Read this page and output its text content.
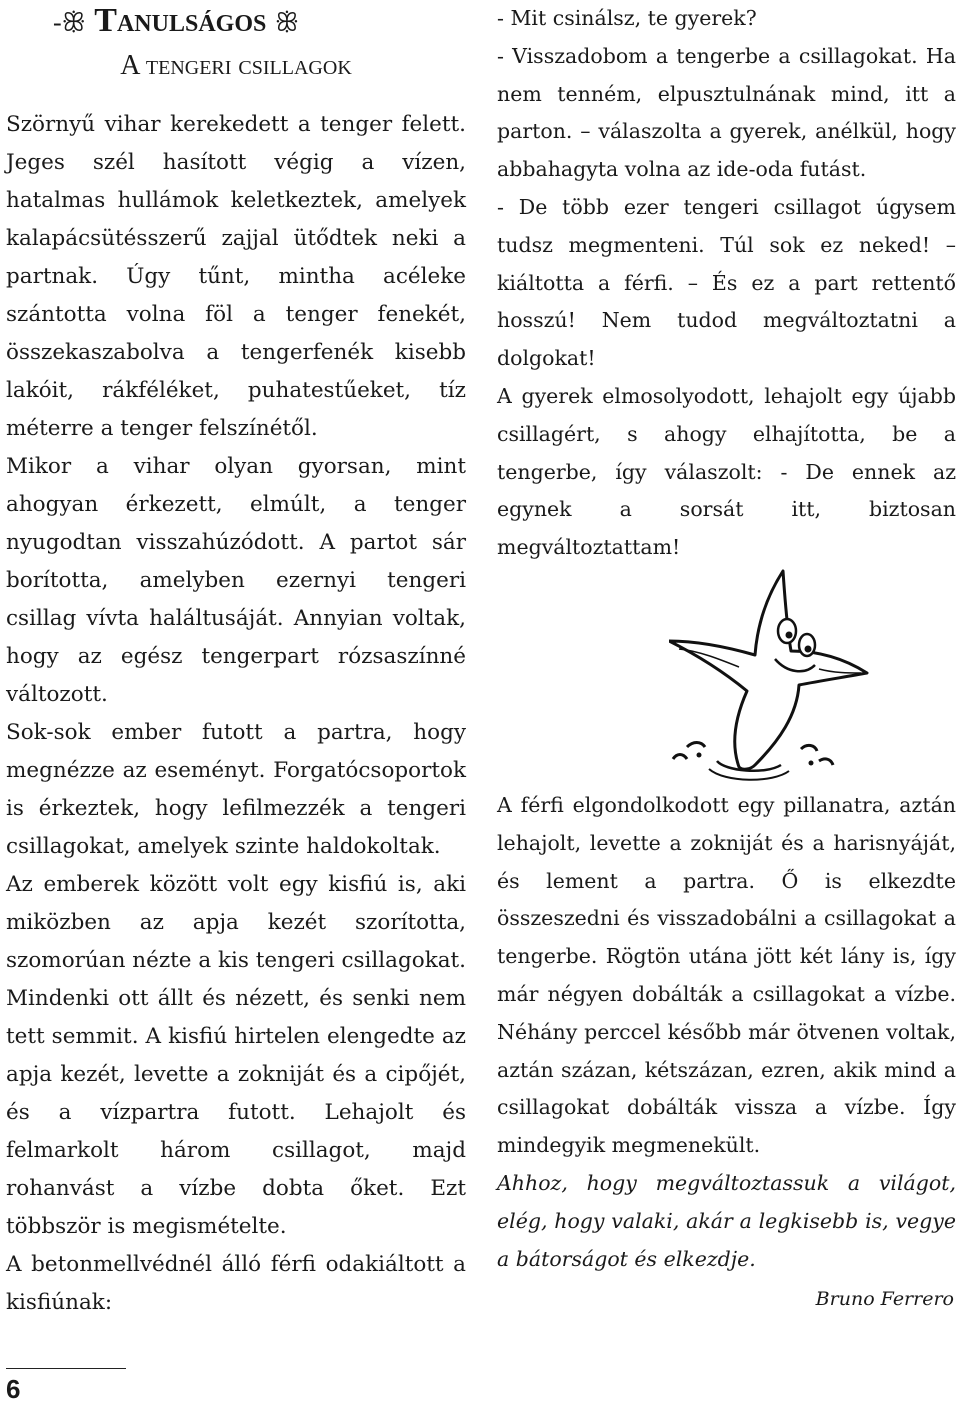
-ꕥ Tanulságos ꕥ
A tengeri csillagok

Szörnyű vihar kerekedett a tenger felett. Jeges szél hasított végig a vízen, hatalmas hullámok keletkeztek, amelyek kalapácsütésszerű zajjal ütődtek neki a partnak. Úgy tűnt, mintha acéleke szántotta volna föl a tenger fenekét, összekaszabolva a tengerfenék kisebb lakóit, rákféléket, puhatestűeket, tíz méterre a tenger felszínétől.

Mikor a vihar olyan gyorsan, mint ahogyan érkezett, elmúlt, a tenger nyugodtan visszahúzódott. A partot sár borította, amelyben ezernyi tengeri csillag vívta haláltusáját. Annyian voltak, hogy az egész tengerpart rózsaszínné változott.

Sok-sok ember futott a partra, hogy megnézze az eseményt. Forgatócsoportok is érkeztek, hogy lefilmezzék a tengeri csillagokat, amelyek szinte haldokoltak.

Az emberek között volt egy kisfiú is, aki miközben az apja kezét szorította, szomorúan nézte a kis tengeri csillagokat. Mindenki ott állt és nézett, és senki nem tett semmit. A kisfiú hirtelen elengedte az apja kezét, levette a zokniját és a cipőjét, és a vízpartra futott. Lehajolt és felmarkolt három csillagot, majd rohanvást a vízbe dobta őket. Ezt többször is megismételte.

A betonmellvédnél álló férfi odakiáltott a kisfiúnak:

- Mit csinálsz, te gyerek?

- Visszadobom a tengerbe a csillagokat. Ha nem tenném, elpusztulnának mind, itt a parton. – válaszolta a gyerek, anélkül, hogy abbahagyta volna az ide-oda futást.

- De több ezer tengeri csillagot úgysem tudsz megmenteni. Túl sok ez neked! – kiáltotta a férfi. – És ez a part rettentő hosszú! Nem tudod megváltoztatni a dolgokat!

A gyerek elmosolyodott, lehajolt egy újabb csillagért, s ahogy elhajította, be a tengerbe, így válaszolt: - De ennek az egynek a sorsát itt, biztosan megváltoztattam!

A férfi elgondolkodott egy pillanatra, aztán lehajolt, levette a zokniját és a harisnyáját, és lement a partra. Ő is elkezdte összeszedni és visszadobálni a csillagokat a tengerbe. Rögtön utána jött két lány is, így már négyen dobálták a csillagokat a vízbe. Néhány perccel később már ötvenen voltak, aztán százan, kétszázan, ezren, akik mind a csillagokat dobálták vissza a vízbe. Így mindegyik megmenekült.

Ahhoz, hogy megváltoztassuk a világot, elég, hogy valaki, akár a legkisebb is, vegye a bátorságot és elkezdje.

Bruno Ferrero
6
